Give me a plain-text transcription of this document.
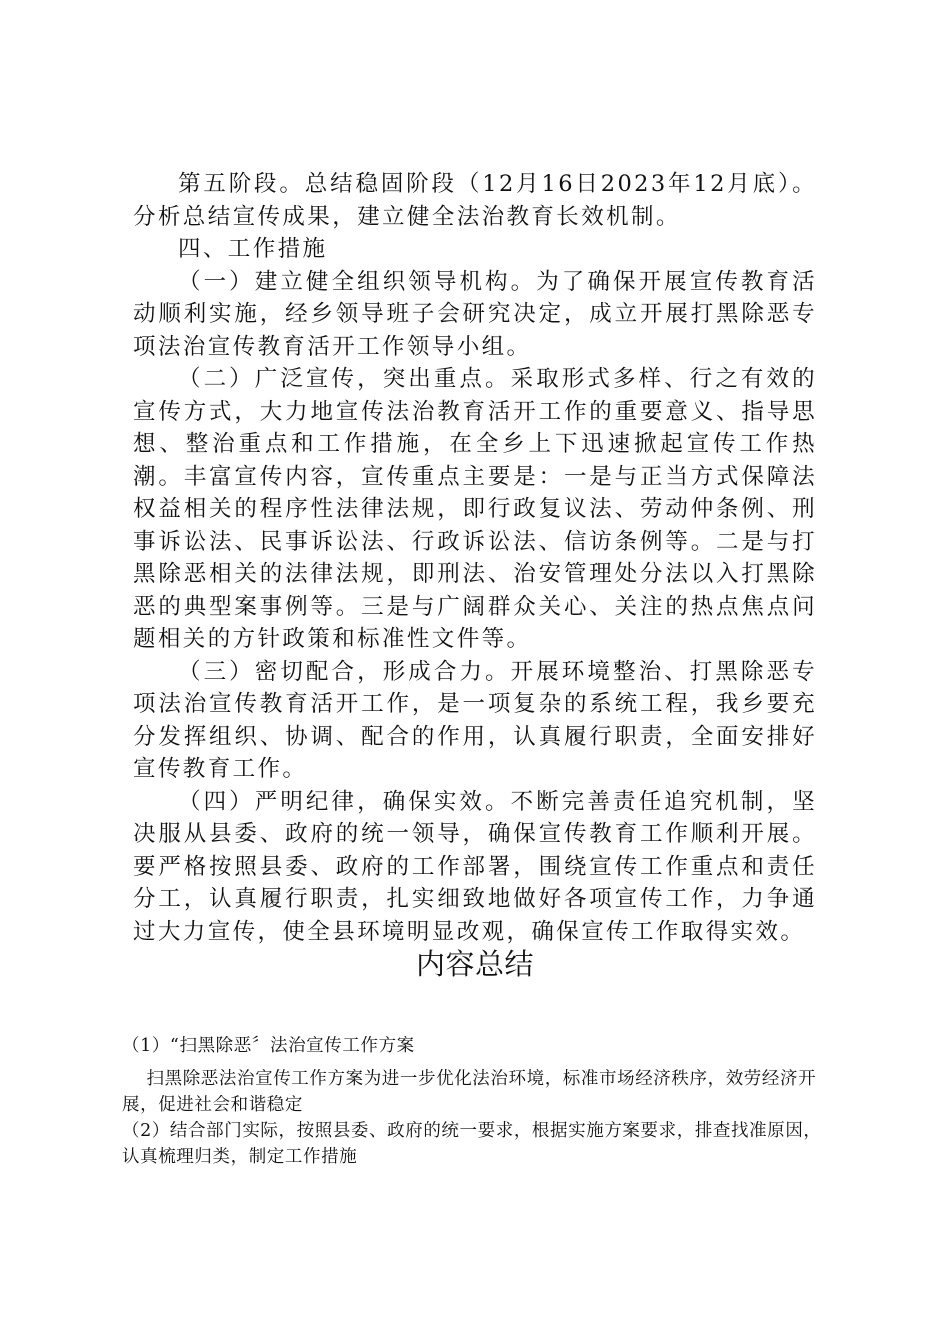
第五阶段。总结稳固阶段（12月16日2023年12月底）。分析总结宣传成果，建立健全法治教育长效机制。

四、工作措施

（一）建立健全组织领导机构。为了确保开展宣传教育活动顺利实施，经乡领导班子会研究决定，成立开展打黑除恶专项法治宣传教育活开工作领导小组。

（二）广泛宣传，突出重点。采取形式多样、行之有效的宣传方式，大力地宣传法治教育活开工作的重要意义、指导思想、整治重点和工作措施，在全乡上下迅速掀起宣传工作热潮。丰富宣传内容，宣传重点主要是：一是与正当方式保障法权益相关的程序性法律法规，即行政复议法、劳动仲条例、刑事诉讼法、民事诉讼法、行政诉讼法、信访条例等。二是与打黑除恶相关的法律法规，即刑法、治安管理处分法以入打黑除恶的典型案事例等。三是与广阔群众关心、关注的热点焦点问题相关的方针政策和标准性文件等。

（三）密切配合，形成合力。开展环境整治、打黑除恶专项法治宣传教育活开工作，是一项复杂的系统工程，我乡要充分发挥组织、协调、配合的作用，认真履行职责，全面安排好宣传教育工作。

（四）严明纪律，确保实效。不断完善责任追究机制，坚决服从县委、政府的统一领导，确保宣传教育工作顺利开展。要严格按照县委、政府的工作部署，围绕宣传工作重点和责任分工，认真履行职责，扎实细致地做好各项宣传工作，力争通过大力宣传，使全县环境明显改观，确保宣传工作取得实效。

内容总结

（1）“扫黑除恶〞法治宣传工作方案

扫黑除恶法治宣传工作方案为进一步优化法治环境，标准市场经济秩序，效劳经济开展，促进社会和谐稳定

（2）结合部门实际，按照县委、政府的统一要求，根据实施方案要求，排查找准原因，认真梳理归类，制定工作措施
